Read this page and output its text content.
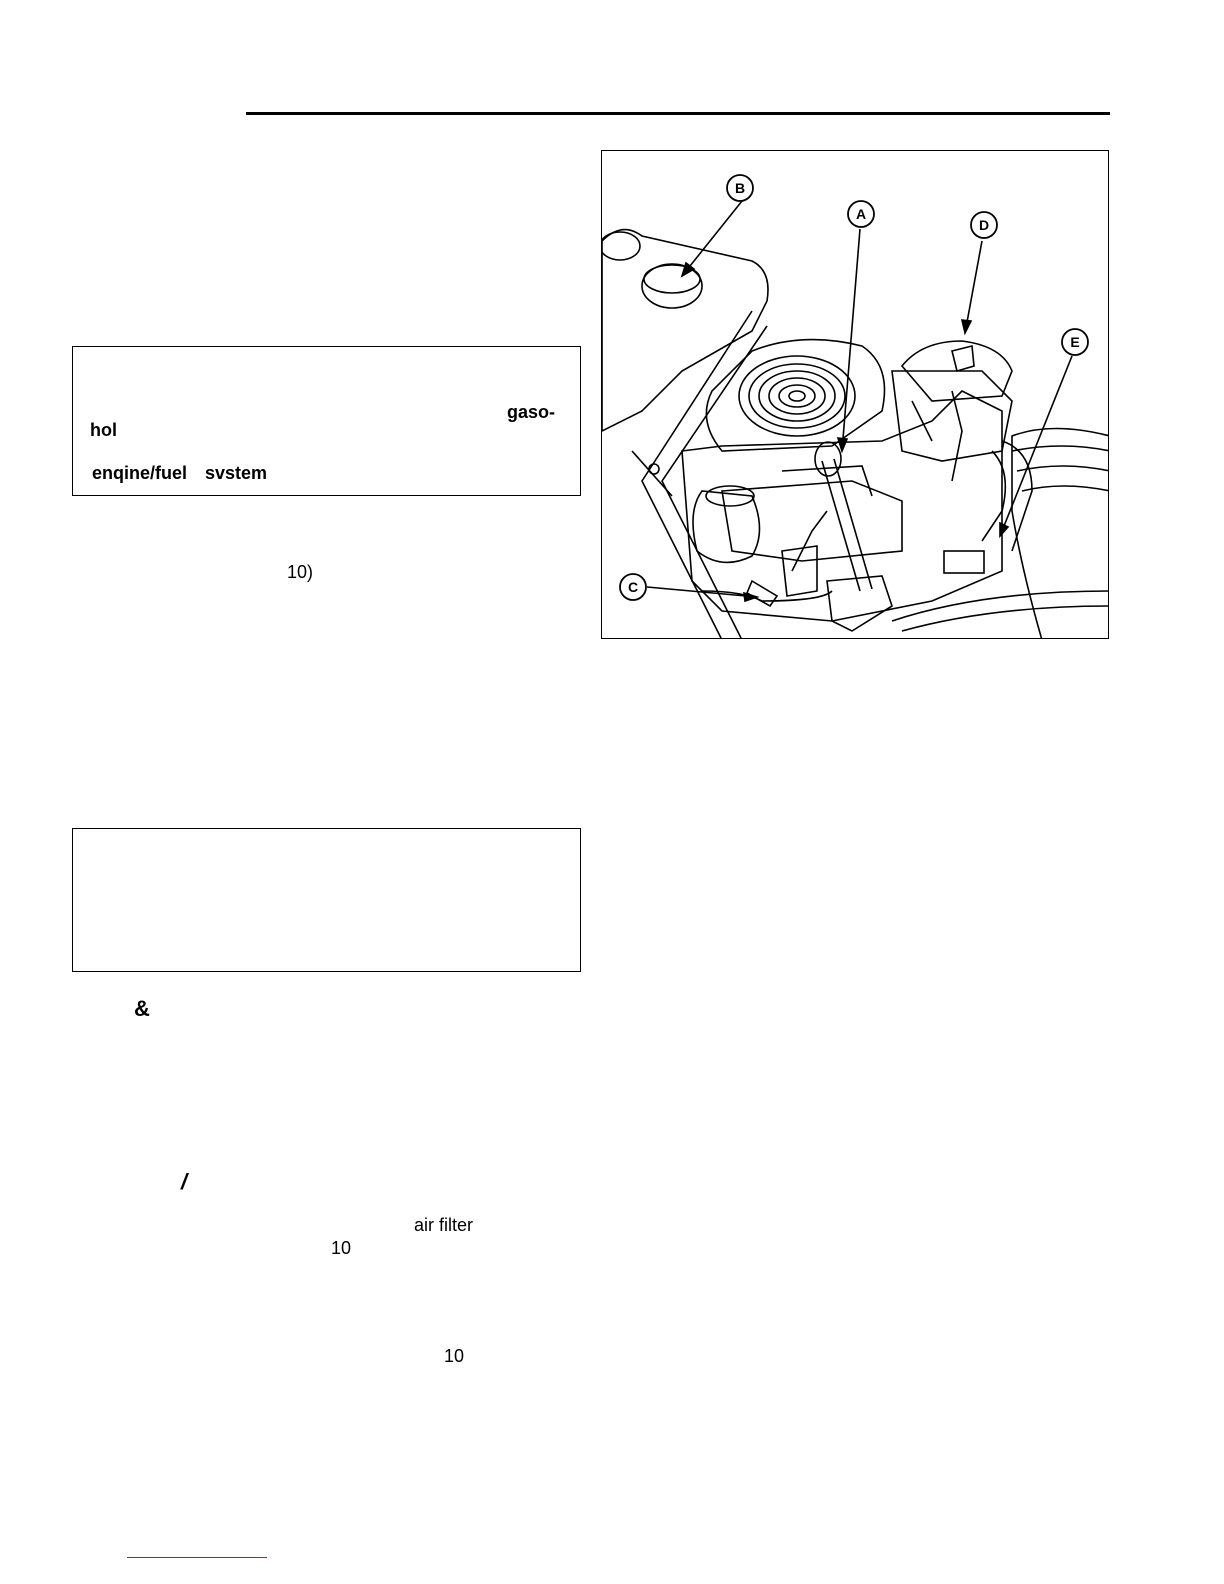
gaso-
hol
enqine/fuel svstem
10)
&
/
air filter
10
10
A
B
C
D
E
